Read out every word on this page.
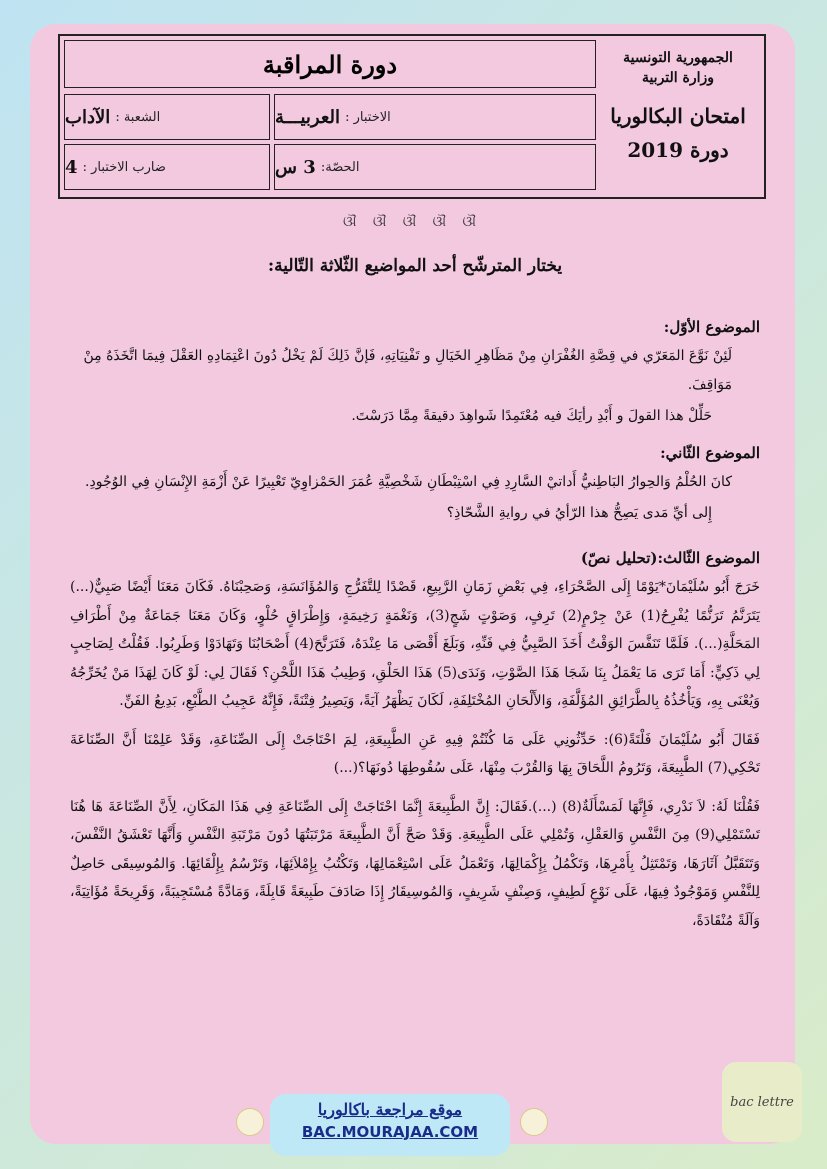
دورة المراقبة
الاختبار :

العربيـــة
الشعبة :

الآداب
الحصّة:

3 س
ضارب الاختبار :

4
الجمهورية التونسية
وزارة التربية
امتحان البكالوريا
دورة 2019
ଔ ଔ ଔ ଔ ଔ
يختار المترشّح أحد المواضيع الثّلاثة التّالية:
الموضوع الأوّل:
لَئِنْ نَوَّعَ المَعَرّي في قِصَّةِ الغُفْرَانِ مِنْ مَظَاهِرِ الخَيَالِ و تَفْنِيَاتِهِ، فَإنَّ ذَلِكَ لَمْ يَخْلُ دُونَ اعْتِمَادِهِ العَقْلَ فِيمَا اتَّخَذَهُ مِنْ مَوَاقِفَ.
حَلِّلْ هذا القولَ و أَبْدِ رأيَكَ فيه مُعْتَمِدًا شَواهِدَ دقيقةً مِمَّا دَرَسْتَ.
الموضوع الثّاني:
كانَ الحُلْمُ وَالحِوارُ البَاطِنيُّ أَداتيْ السَّارِدِ فِي اسْتِبْطَانِ شَخْصِيَّةِ عُمَرَ الحَمْزاوِيّ تَعْبِيرًا عَنْ أَزْمَةِ الإِنْسَانِ فِي الوُجُودِ.
إِلى أيِّ مَدى يَصِحُّ هذا الرّأيُ في روايةِ الشَّحّاذِ؟
الموضوع الثّالث:(تحليل نصّ)
خَرَجَ أَبُو سُلَيْمَانَ*يَوْمًا إِلَى الصَّحْرَاءِ، فِي بَعْضِ زَمَانِ الرَّبِيعِ، قَصْدًا لِلتَّفَرُّجِ وَالمُؤَانَسَةِ، وَصَحِبْنَاهُ. فَكَانَ مَعَنَا أَيْضًا صَبِيٌّ(...) يَتَرَنَّمُ تَرَنُّمًا يُفْرِحُ(1) عَنْ جِرْمٍ(2) تَرِفٍ، وَصَوْتٍ شَجٍ(3)، وَنَغْمَةٍ رَخِيمَةٍ، وَإِطْرَاقٍ حُلْوٍ، وَكَانَ مَعَنَا جَمَاعَةٌ مِنْ أَطْرَافِ المَحَلَّةِ(...). فَلَمَّا تَنَفَّسَ الوَقْتُ أَخَذَ الصَّبِيُّ فِي فَنِّهِ، وَبَلَغَ أَقْصَى مَا عِنْدَهُ، فَتَرَنَّحَ(4) أَصْحَابُنَا وَتَهَادَوْا وَطَرِبُوا. فَقُلْتُ لِصَاحِبٍ لِي ذَكِيٍّ: أَمَا تَرَى مَا يَعْمَلُ بِنَا شَجَا هَذَا الصَّوْتِ، وَنَدَى(5) هَذَا الحَلْقِ، وَطِيبُ هَذَا اللَّحْنِ؟ فَقَالَ لِي: لَوْ كَانَ لِهَذَا مَنْ يُخَرِّجُهُ وَيُعْنَى بِهِ، وَيَأْخُذُهُ بِالطَّرَائِقِ المُؤَلَّفَةِ، وَالأَلْحَانِ المُخْتَلِفَةِ، لَكَانَ يَظْهَرُ آيَةً، وَيَصِيرُ فِتْنَةً، فَإِنَّهُ عَجِيبُ الطَّبْعِ، بَدِيعُ الفَنِّ.
فَقَالَ أَبُو سُلَيْمَانَ فَلْتَةً(6): حَدِّثُونِي عَلَى مَا كُنْتُمْ فِيهِ عَنِ الطَّبِيعَةِ، لِمَ احْتَاجَتْ إِلَى الصِّنَاعَةِ، وَقَدْ عَلِمْنَا أَنَّ الصِّنَاعَةَ تَحْكِي(7) الطَّبِيعَةَ، وَتَرُومُ اللَّحَاقَ بِهَا وَالقُرْبَ مِنْهَا، عَلَى سُقُوطِهَا دُونَهَا؟(...)
فَقُلْنَا لَهُ: لاَ نَدْرِي، فَإِنَّهَا لَمَسْأَلَةٌ(8) (...).فَقَالَ: إِنَّ الطَّبِيعَةَ إِنَّمَا احْتَاجَتْ إِلَى الصِّنَاعَةِ فِي هَذَا المَكَانِ، لِأَنَّ الصِّنَاعَةَ هَا هُنَا تَسْتَمْلِي(9) مِنَ النَّفْسِ وَالعَقْلِ، وَتُمْلِي عَلَى الطَّبِيعَةِ. وَقَدْ صَحَّ أَنَّ الطَّبِيعَةَ مَرْتَبَتُهَا دُونَ مَرْتَبَةِ النَّفْسِ وَأَنَّهَا تَعْشَقُ النَّفْسَ، وَتَتَقَبَّلُ آثَارَهَا، وَتَمْتَثِلُ بِأَمْرِهَا، وَتَكْمُلُ بِإِكْمَالِهَا، وَتَعْمَلُ عَلَى اسْتِعْمَالِهَا، وَتَكْتُبُ بِإِمْلاَئِهَا، وَتَرْسُمُ بِإِلْقَائِهَا. وَالمُوسِيقَى حَاصِلٌ لِلنَّفْسِ وَمَوْجُودٌ فِيهَا، عَلَى نَوْعٍ لَطِيفٍ، وَصِنْفٍ شَرِيفٍ، وَالمُوسِيقَارُ إِذَا صَادَفَ طَبِيعَةً قَابِلَةً، وَمَادَّةً مُسْتَجِيبَةً، وَقَرِيحَةً مُؤَاتِيَةً، وَآلَةً مُنْقَادَةً،
موقع مراجعة باكالوريا
BAC.MOURAJAA.COM
bac lettre
